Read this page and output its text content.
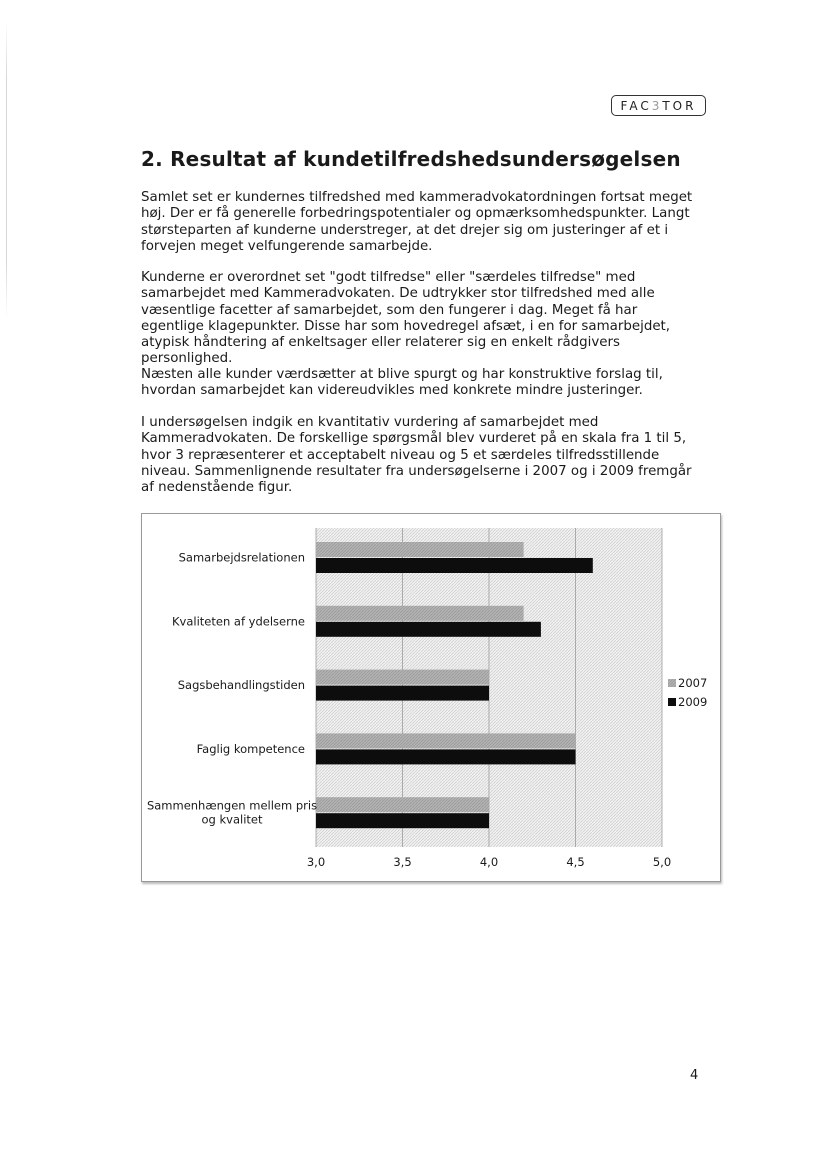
FAC 3 TOR
2. Resultat af kundetilfredshedsundersøgelsen

Samlet set er kundernes tilfredshed med kammeradvokatordningen fortsat meget høj. Der er få generelle forbedringspotentialer og opmærksomhedspunkter. Langt størsteparten af kunderne understreger, at det drejer sig om justeringer af et i forvejen meget velfungerende samarbejde.

Kunderne er overordnet set "godt tilfredse" eller "særdeles tilfredse" med samarbejdet med Kammeradvokaten. De udtrykker stor tilfredshed med alle væsentlige facetter af samarbejdet, som den fungerer i dag. Meget få har egentlige klagepunkter. Disse har som hovedregel afsæt, i en for samarbejdet, atypisk håndtering af enkeltsager eller relaterer sig en enkelt rådgivers personlighed.

Næsten alle kunder værdsætter at blive spurgt og har konstruktive forslag til, hvordan samarbejdet kan videreudvikles med konkrete mindre justeringer.

I undersøgelsen indgik en kvantitativ vurdering af samarbejdet med Kammeradvokaten. De forskellige spørgsmål blev vurderet på en skala fra 1 til 5, hvor 3 repræsenterer et acceptabelt niveau og 5 et særdeles tilfredsstillende niveau. Sammenlignende resultater fra undersøgelserne i 2007 og i 2009 fremgår af nedenstående figur.

Samarbejdsrelationen
Kvaliteten af ydelserne
Sagsbehandlingstiden
Faglig kompetence
Sammenhængen mellem pris
og kvalitet
3,0	3,5	4,0	4,5	5,0
2007
2009
4
